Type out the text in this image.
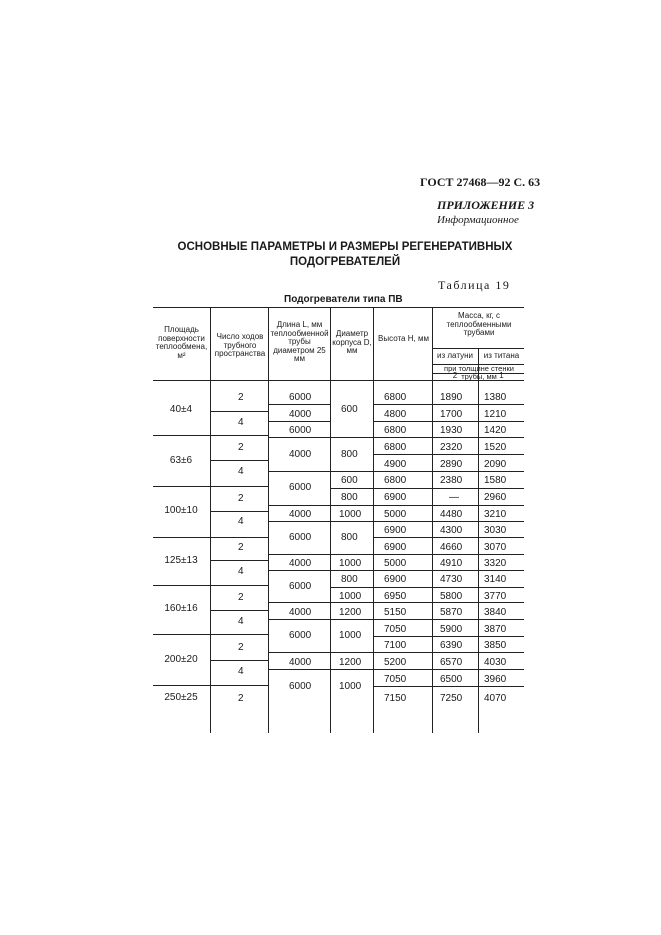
ГОСТ 27468—92 С. 63
ПРИЛОЖЕНИЕ 3
Информационное
ОСНОВНЫЕ ПАРАМЕТРЫ И РАЗМЕРЫ РЕГЕНЕРАТИВНЫХ
ПОДОГРЕВАТЕЛЕЙ
Таблица 19
Подогреватели типа ПВ
Площадь поверхности теплообмена, м²
Число ходов трубного пространства
Длина L, мм теплообменной трубы диаметром 25 мм
Диаметр корпуса D, мм
Высота H, мм
Масса, кг, с теплообменными трубами
из латуни	из титана
при толщине стенки трубы, мм
2	1
40±4
63±6
100±10
125±13
160±16
200±20
250±25
2
4
2
4
2
4
2
4
2
4
2
4
2
6000
4000
6000
4000
6000
4000
6000
4000
6000
4000
6000
4000
6000
600
800
600
800
1000
800
1000
800
1000
1200
1000
1200
1000
6800
4800
6800
6800
4900
6800
6900
5000
6900
6900
5000
6900
6950
5150
7050
7100
5200
7050
7150
1890
1700
1930
2320
2890
2380
—
4480
4300
4660
4910
4730
5800
5870
5900
6390
6570
6500
7250
1380
1210
1420
1520
2090
1580
2960
3210
3030
3070
3320
3140
3770
3840
3870
3850
4030
3960
4070
